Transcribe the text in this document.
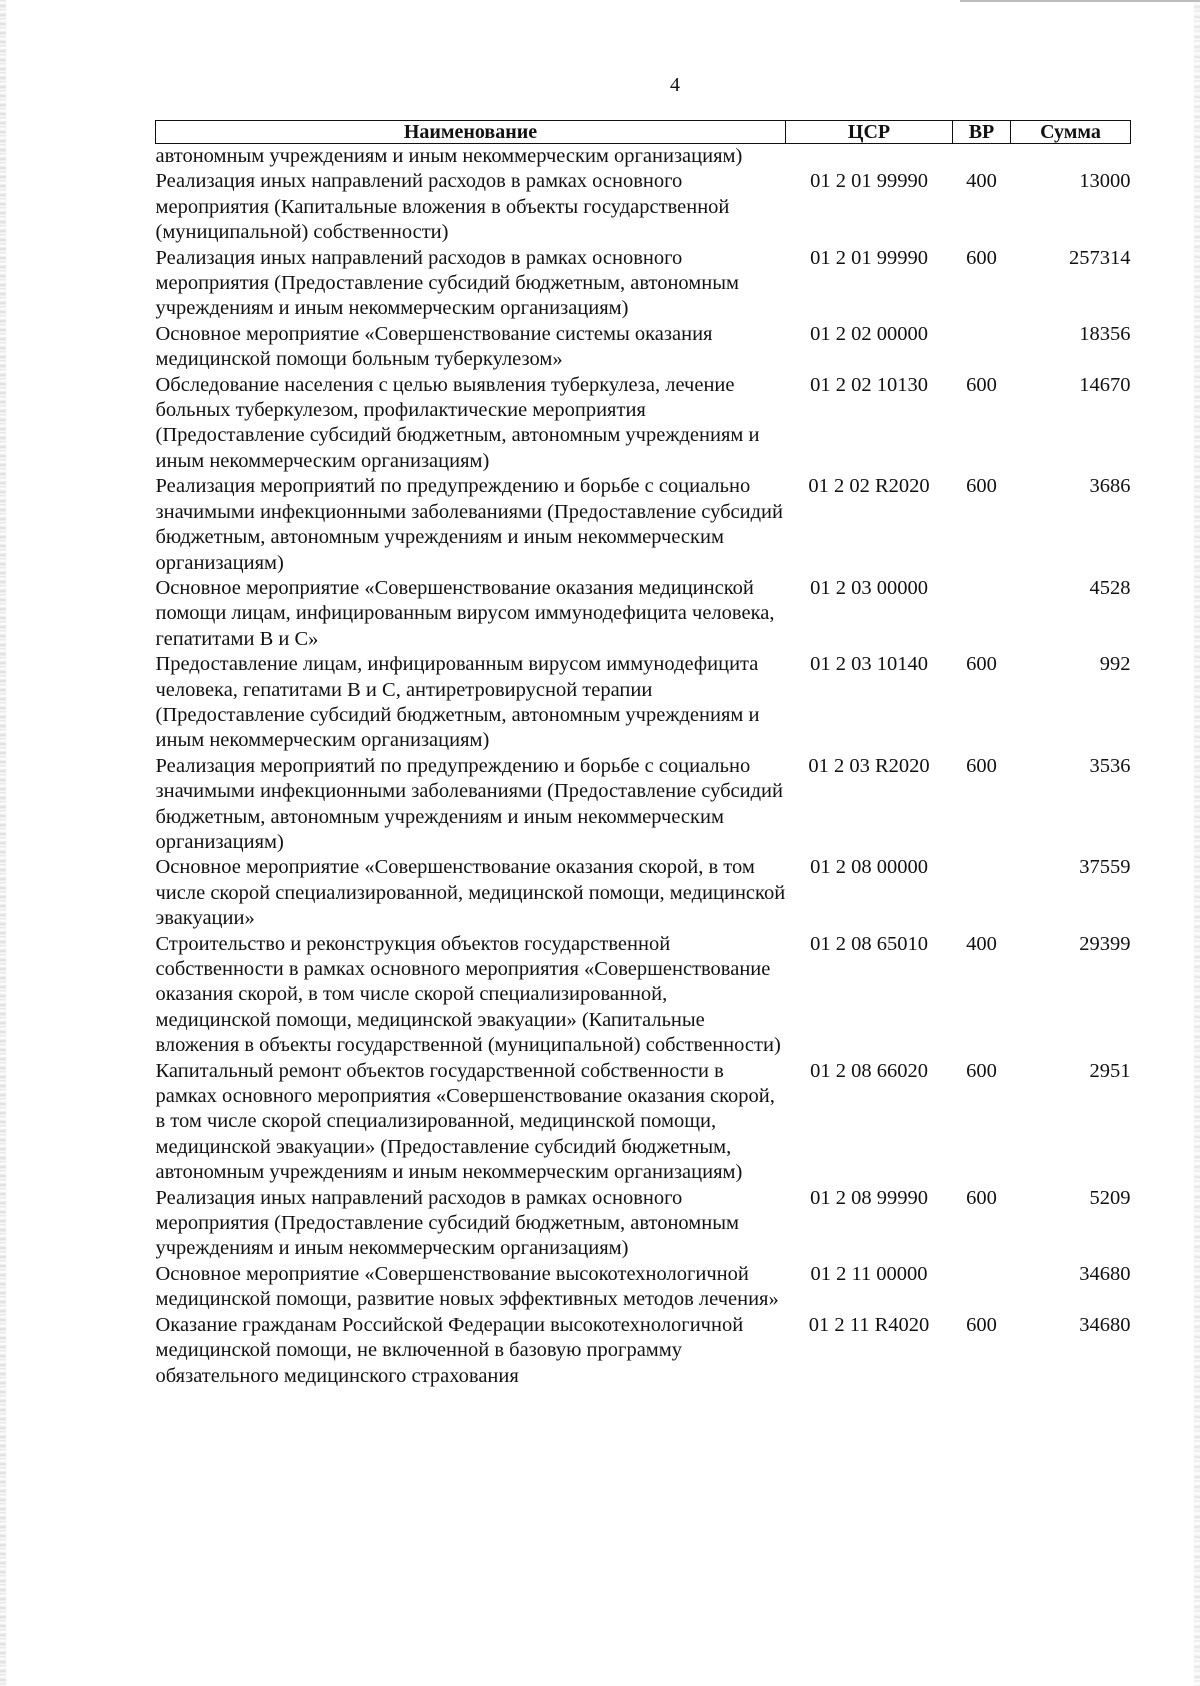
4
Наименование	ЦСР	ВР	Сумма
автономным учреждениям и иным некоммерческим организациям)			
Реализация иных направлений расходов в рамках основного мероприятия (Капитальные вложения в объекты государственной (муниципальной) собственности)	01 2 01 99990	400	13000
Реализация иных направлений расходов в рамках основного мероприятия (Предоставление субсидий бюджетным, автономным учреждениям и иным некоммерческим организациям)	01 2 01 99990	600	257314
Основное мероприятие «Совершенствование системы оказания медицинской помощи больным туберкулезом»	01 2 02 00000		18356
Обследование населения с целью выявления туберкулеза, лечение больных туберкулезом, профилактические мероприятия (Предоставление субсидий бюджетным, автономным учреждениям и иным некоммерческим организациям)	01 2 02 10130	600	14670
Реализация мероприятий по предупреждению и борьбе с социально значимыми инфекционными заболеваниями (Предоставление субсидий бюджетным, автономным учреждениям и иным некоммерческим организациям)	01 2 02 R2020	600	3686
Основное мероприятие «Совершенствование оказания медицинской помощи лицам, инфицированным вирусом иммунодефицита человека, гепатитами В и С»	01 2 03 00000		4528
Предоставление лицам, инфицированным вирусом иммунодефицита человека, гепатитами В и С, антиретровирусной терапии (Предоставление субсидий бюджетным, автономным учреждениям и иным некоммерческим организациям)	01 2 03 10140	600	992
Реализация мероприятий по предупреждению и борьбе с социально значимыми инфекционными заболеваниями (Предоставление субсидий бюджетным, автономным учреждениям и иным некоммерческим организациям)	01 2 03 R2020	600	3536
Основное мероприятие «Совершенствование оказания скорой, в том числе скорой специализированной, медицинской помощи, медицинской эвакуации»	01 2 08 00000		37559
Строительство и реконструкция объектов государственной собственности в рамках основного мероприятия «Совершенствование оказания скорой, в том числе скорой специализированной, медицинской помощи, медицинской эвакуации» (Капитальные вложения в объекты государственной (муниципальной) собственности)	01 2 08 65010	400	29399
Капитальный ремонт объектов государственной собственности в рамках основного мероприятия «Совершенствование оказания скорой, в том числе скорой специализированной, медицинской помощи, медицинской эвакуации» (Предоставление субсидий бюджетным, автономным учреждениям и иным некоммерческим организациям)	01 2 08 66020	600	2951
Реализация иных направлений расходов в рамках основного мероприятия (Предоставление субсидий бюджетным, автономным учреждениям и иным некоммерческим организациям)	01 2 08 99990	600	5209
Основное мероприятие «Совершенствование высокотехнологичной медицинской помощи, развитие новых эффективных методов лечения»	01 2 11 00000		34680
Оказание гражданам Российской Федерации высокотехнологичной медицинской помощи, не включенной в базовую программу обязательного медицинского страхования	01 2 11 R4020	600	34680
